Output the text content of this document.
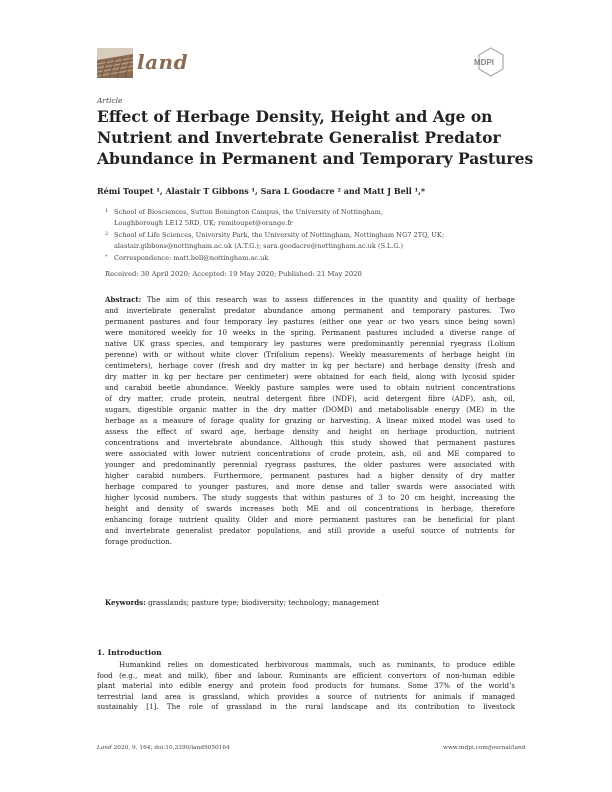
land	MDPI
Article
Effect of Herbage Density, Height and Age on
Nutrient and Invertebrate Generalist Predator
Abundance in Permanent and Temporary Pastures
Rémi Toupet ¹, Alastair T Gibbons ¹, Sara L Goodacre ² and Matt J Bell ¹,*
1 School of Biosciences, Sutton Bonington Campus, the University of Nottingham,
Loughborough LE12 5RD, UK; remitoupet@orange.fr
2 School of Life Sciences, University Park, the University of Nottingham, Nottingham NG7 2TQ, UK;
alastair.gibbons@nottingham.ac.uk (A.T.G.); sara.goodacre@nottingham.ac.uk (S.L.G.)
* Correspondence: matt.bell@nottingham.ac.uk
Received: 30 April 2020; Accepted: 19 May 2020; Published: 21 May 2020
Abstract: The aim of this research was to assess differences in the quantity and quality of herbage
and invertebrate generalist predator abundance among permanent and temporary pastures. Two
permanent pastures and four temporary ley pastures (either one year or two years since being sown)
were monitored weekly for 10 weeks in the spring. Permanent pastures included a diverse range of
native UK grass species, and temporary ley pastures were predominantly perennial ryegrass (Lolium
perenne) with or without white clover (Trifolium repens). Weekly measurements of herbage height (in
centimeters), herbage cover (fresh and dry matter in kg per hectare) and herbage density (fresh and
dry matter in kg per hectare per centimeter) were obtained for each field, along with lycosid spider
and carabid beetle abundance. Weekly pasture samples were used to obtain nutrient concentrations
of dry matter, crude protein, neutral detergent fibre (NDF), acid detergent fibre (ADF), ash, oil,
sugars, digestible organic matter in the dry matter (DOMD) and metabolisable energy (ME) in the
herbage as a measure of forage quality for grazing or harvesting. A linear mixed model was used to
assess the effect of sward age, herbage density and height on herbage production, nutrient
concentrations and invertebrate abundance. Although this study showed that permanent pastures
were associated with lower nutrient concentrations of crude protein, ash, oil and ME compared to
younger and predominantly perennial ryegrass pastures, the older pastures were associated with
higher carabid numbers. Furthermore, permanent pastures had a higher density of dry matter
herbage compared to younger pastures, and more dense and taller swards were associated with
higher lycosid numbers. The study suggests that within pastures of 3 to 20 cm height, increasing the
height and density of swards increases both ME and oil concentrations in herbage, therefore
enhancing forage nutrient quality. Older and more permanent pastures can be beneficial for plant
and invertebrate generalist predator populations, and still provide a useful source of nutrients for
forage production.
Keywords: grasslands; pasture type; biodiversity; technology; management
1. Introduction
Humankind relies on domesticated herbivorous mammals, such as ruminants, to produce edible
food (e.g., meat and milk), fiber and labour. Ruminants are efficient convertors of non-human edible
plant material into edible energy and protein food products for humans. Some 37% of the world’s
terrestrial land area is grassland, which provides a source of nutrients for animals if managed
sustainably [1]. The role of grassland in the rural landscape and its contribution to livestock
Land 2020, 9, 164; doi:10.3390/land9050164	www.mdpi.com/journal/land
